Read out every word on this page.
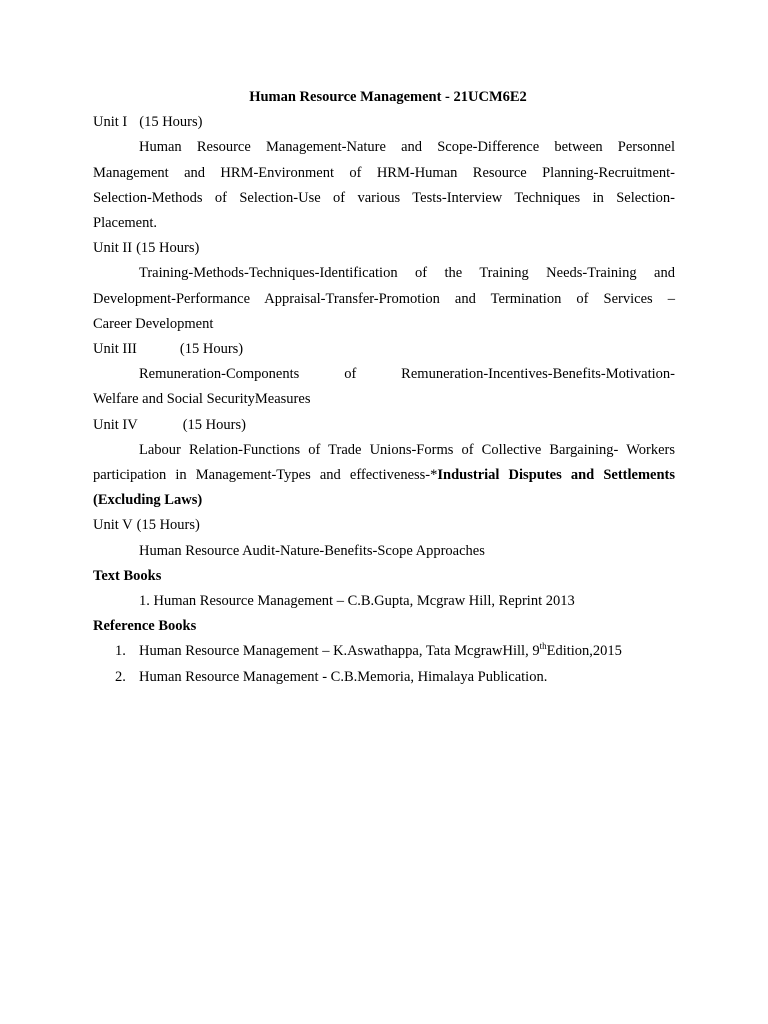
Human Resource Management - 21UCM6E2
Unit I (15 Hours)
Human Resource Management-Nature and Scope-Difference between Personnel
Management and HRM-Environment of HRM-Human Resource Planning-Recruitment-
Selection-Methods of Selection-Use of various Tests-Interview Techniques in Selection-
Placement.
Unit II (15 Hours)
Training-Methods-Techniques-Identification of the Training Needs-Training and
Development-Performance Appraisal-Transfer-Promotion and Termination of Services –
Career Development
Unit III	(15 Hours)
Remuneration-Components of Remuneration-Incentives-Benefits-Motivation-
Welfare and Social SecurityMeasures
Unit IV	(15 Hours)
Labour Relation-Functions of Trade Unions-Forms of Collective Bargaining- Workers
participation in Management-Types and effectiveness-*Industrial Disputes and Settlements
(Excluding Laws)
Unit V (15 Hours)
Human Resource Audit-Nature-Benefits-Scope Approaches
Text Books
1. Human Resource Management – C.B.Gupta, Mcgraw Hill, Reprint 2013
Reference Books
1. Human Resource Management – K.Aswathappa, Tata McgrawHill, 9thEdition,2015
2. Human Resource Management - C.B.Memoria, Himalaya Publication.
